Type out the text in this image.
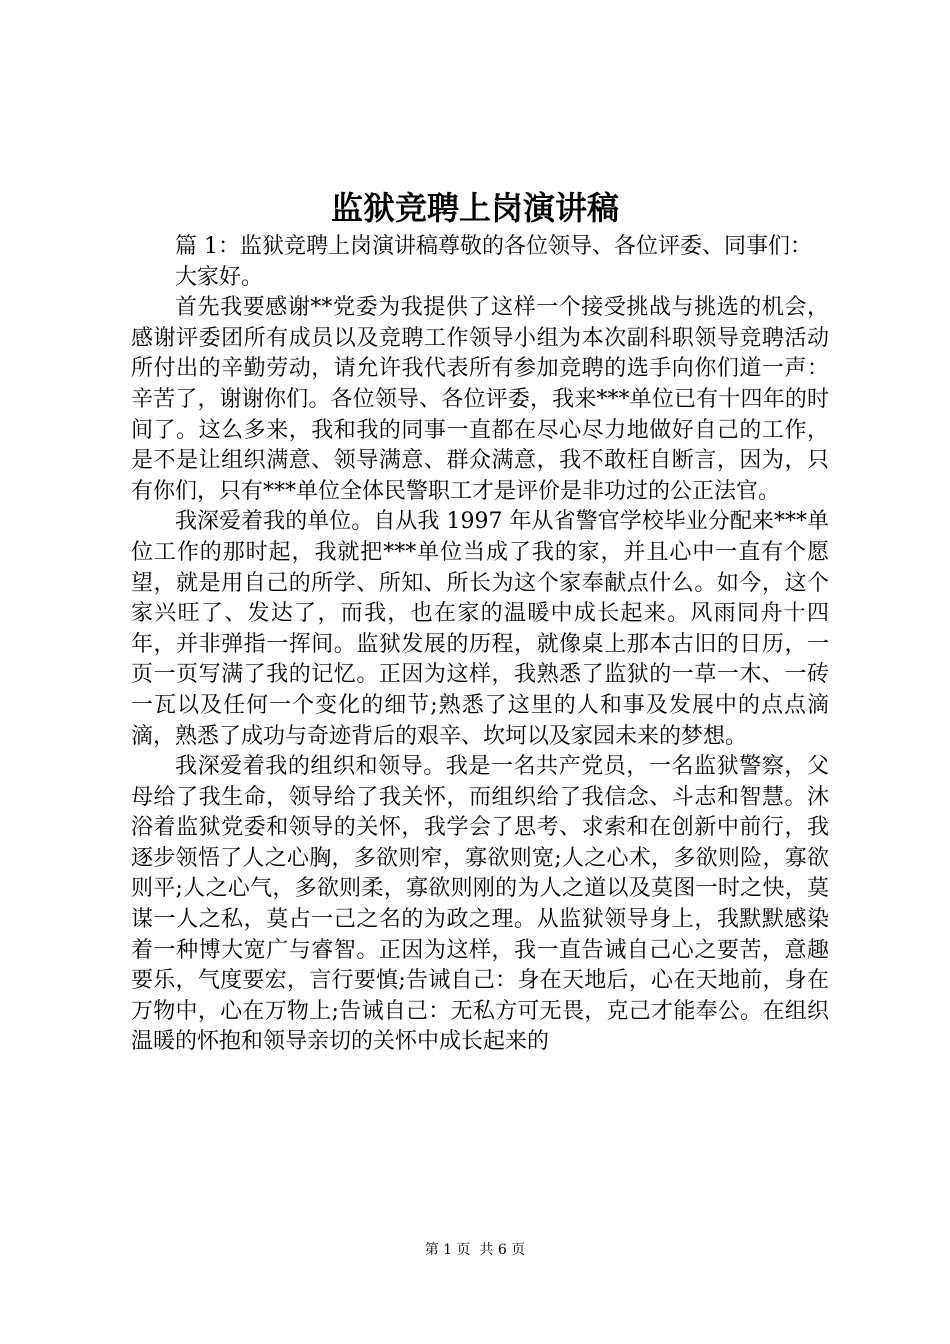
监狱竞聘上岗演讲稿

篇 1：监狱竞聘上岗演讲稿尊敬的各位领导、各位评委、同事们：

大家好。

首先我要感谢**党委为我提供了这样一个接受挑战与挑选的机会，感谢评委团所有成员以及竞聘工作领导小组为本次副科职领导竞聘活动所付出的辛勤劳动，请允许我代表所有参加竞聘的选手向你们道一声：辛苦了，谢谢你们。各位领导、各位评委，我来***单位已有十四年的时间了。这么多来，我和我的同事一直都在尽心尽力地做好自己的工作，是不是让组织满意、领导满意、群众满意，我不敢枉自断言，因为，只有你们，只有***单位全体民警职工才是评价是非功过的公正法官。

我深爱着我的单位。自从我 1997 年从省警官学校毕业分配来***单位工作的那时起，我就把***单位当成了我的家，并且心中一直有个愿望，就是用自己的所学、所知、所长为这个家奉献点什么。如今，这个家兴旺了、发达了，而我，也在家的温暖中成长起来。风雨同舟十四年，并非弹指一挥间。监狱发展的历程，就像桌上那本古旧的日历，一页一页写满了我的记忆。正因为这样，我熟悉了监狱的一草一木、一砖一瓦以及任何一个变化的细节;熟悉了这里的人和事及发展中的点点滴滴，熟悉了成功与奇迹背后的艰辛、坎坷以及家园未来的梦想。

我深爱着我的组织和领导。我是一名共产党员，一名监狱警察，父母给了我生命，领导给了我关怀，而组织给了我信念、斗志和智慧。沐浴着监狱党委和领导的关怀，我学会了思考、求索和在创新中前行，我逐步领悟了人之心胸，多欲则窄，寡欲则宽;人之心术，多欲则险，寡欲则平;人之心气，多欲则柔，寡欲则刚的为人之道以及莫图一时之快，莫谋一人之私，莫占一己之名的为政之理。从监狱领导身上，我默默感染着一种博大宽广与睿智。正因为这样，我一直告诫自己心之要苦，意趣要乐，气度要宏，言行要慎;告诫自己：身在天地后，心在天地前，身在万物中，心在万物上;告诫自己：无私方可无畏，克己才能奉公。在组织温暖的怀抱和领导亲切的关怀中成长起来的

第 1 页 共 6 页
